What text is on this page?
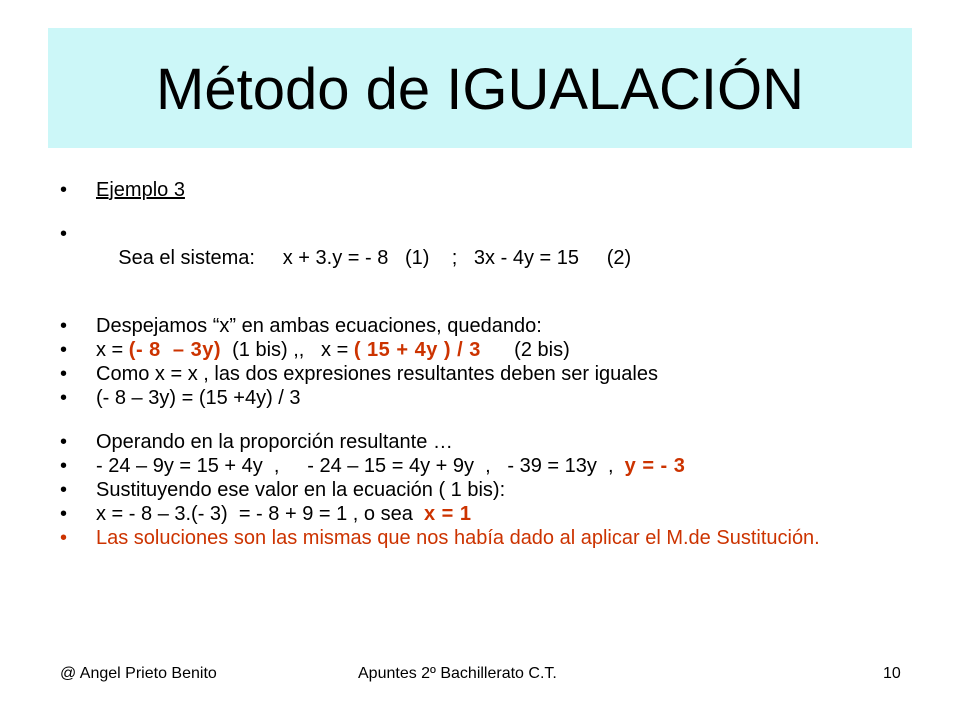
Método de IGUALACIÓN
• Ejemplo 3

• Sea el sistema:     x + 3.y = - 8   (1)    ;   3x - 4y = 15     (2)

• Despejamos “x” en ambas ecuaciones, quedando:
• x = (- 8  – 3y)  (1 bis) ,,   x = ( 15 + 4y ) / 3      (2 bis)
• Como x = x , las dos expresiones resultantes deben ser iguales
• (- 8 – 3y) = (15 +4y) / 3
• Operando en la proporción resultante …
• - 24 – 9y = 15 + 4y  ,     - 24 – 15 = 4y + 9y  ,   - 39 = 13y  ,  y = - 3
• Sustituyendo ese valor en la ecuación ( 1 bis):
• x = - 8 – 3.(- 3)  = - 8 + 9 = 1 , o sea  x = 1
• Las soluciones son las mismas que nos había dado al aplicar el M.de Sustitución.
@ Angel Prieto Benito	Apuntes 2º Bachillerato C.T.	10
